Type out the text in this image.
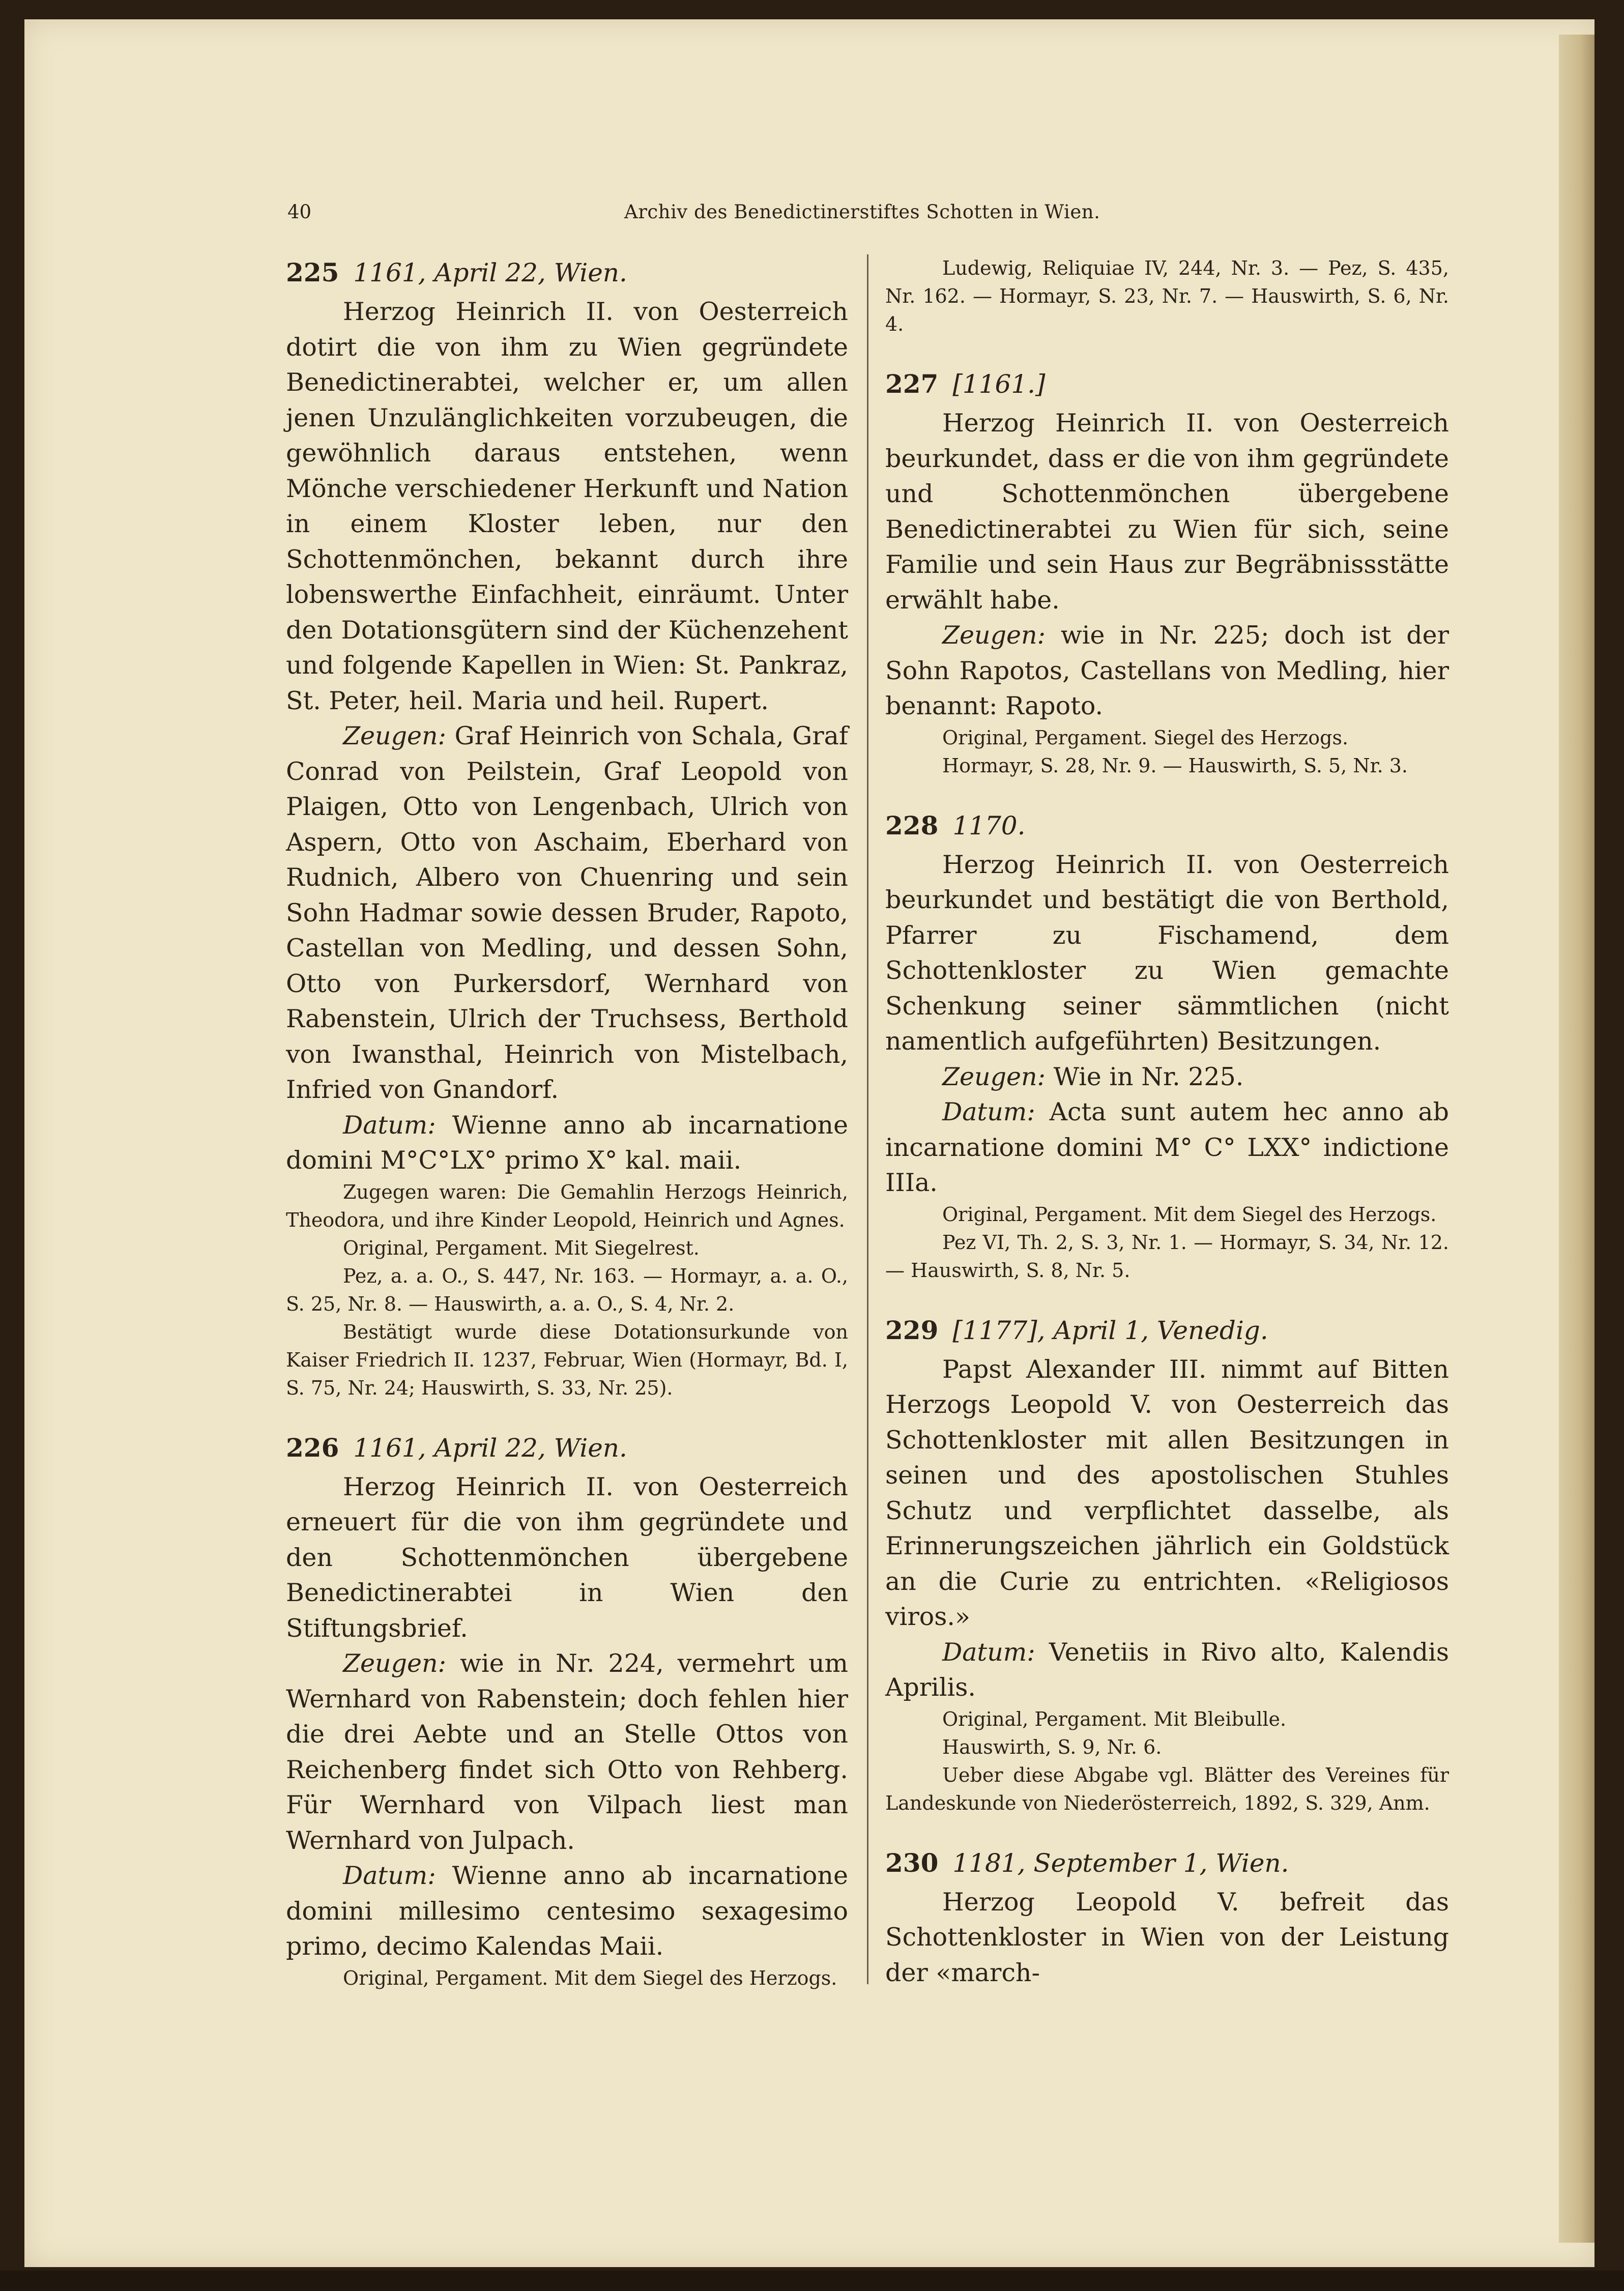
40	Archiv des Benedictinerstiftes Schotten in Wien.
225 1161, April 22, Wien.

Herzog Heinrich II. von Oesterreich dotirt die von ihm zu Wien gegründete Benedictinerabtei, welcher er, um allen jenen Unzulänglichkeiten vorzubeugen, die gewöhnlich daraus entstehen, wenn Mönche verschiedener Herkunft und Nation in einem Kloster leben, nur den Schottenmönchen, bekannt durch ihre lobenswerthe Einfachheit, einräumt. Unter den Dotationsgütern sind der Küchenzehent und folgende Kapellen in Wien: St. Pankraz, St. Peter, heil. Maria und heil. Rupert.

Zeugen: Graf Heinrich von Schala, Graf Conrad von Peilstein, Graf Leopold von Plaigen, Otto von Lengenbach, Ulrich von Aspern, Otto von Aschaim, Eberhard von Rudnich, Albero von Chuenring und sein Sohn Hadmar sowie dessen Bruder, Rapoto, Castellan von Medling, und dessen Sohn, Otto von Purkersdorf, Wernhard von Rabenstein, Ulrich der Truchsess, Berthold von Iwansthal, Heinrich von Mistelbach, Infried von Gnandorf.

Datum: Wienne anno ab incarnatione domini M°C°LX° primo X° kal. maii.

Zugegen waren: Die Gemahlin Herzogs Heinrich, Theodora, und ihre Kinder Leopold, Heinrich und Agnes.

Original, Pergament. Mit Siegelrest.

Pez, a. a. O., S. 447, Nr. 163. — Hormayr, a. a. O., S. 25, Nr. 8. — Hauswirth, a. a. O., S. 4, Nr. 2.

Bestätigt wurde diese Dotationsurkunde von Kaiser Friedrich II. 1237, Februar, Wien (Hormayr, Bd. I, S. 75, Nr. 24; Hauswirth, S. 33, Nr. 25).

226 1161, April 22, Wien.

Herzog Heinrich II. von Oesterreich erneuert für die von ihm gegründete und den Schottenmönchen übergebene Benedictinerabtei in Wien den Stiftungsbrief.

Zeugen: wie in Nr. 224, vermehrt um Wernhard von Rabenstein; doch fehlen hier die drei Aebte und an Stelle Ottos von Reichenberg findet sich Otto von Rehberg. Für Wernhard von Vilpach liest man Wernhard von Julpach.

Datum: Wienne anno ab incarnatione domini millesimo centesimo sexagesimo primo, decimo Kalendas Maii.

Original, Pergament. Mit dem Siegel des Herzogs.

Ludewig, Reliquiae IV, 244, Nr. 3. — Pez, S. 435, Nr. 162. — Hormayr, S. 23, Nr. 7. — Hauswirth, S. 6, Nr. 4.

227 [1161.]

Herzog Heinrich II. von Oesterreich beurkundet, dass er die von ihm gegründete und Schottenmönchen übergebene Benedictinerabtei zu Wien für sich, seine Familie und sein Haus zur Begräbnissstätte erwählt habe.

Zeugen: wie in Nr. 225; doch ist der Sohn Rapotos, Castellans von Medling, hier benannt: Rapoto.

Original, Pergament. Siegel des Herzogs.

Hormayr, S. 28, Nr. 9. — Hauswirth, S. 5, Nr. 3.

228 1170.

Herzog Heinrich II. von Oesterreich beurkundet und bestätigt die von Berthold, Pfarrer zu Fischamend, dem Schottenkloster zu Wien gemachte Schenkung seiner sämmtlichen (nicht namentlich aufgeführten) Besitzungen.

Zeugen: Wie in Nr. 225.

Datum: Acta sunt autem hec anno ab incarnatione domini M° C° LXX° indictione IIIa.

Original, Pergament. Mit dem Siegel des Herzogs.

Pez VI, Th. 2, S. 3, Nr. 1. — Hormayr, S. 34, Nr. 12. — Hauswirth, S. 8, Nr. 5.

229 [1177], April 1, Venedig.

Papst Alexander III. nimmt auf Bitten Herzogs Leopold V. von Oesterreich das Schottenkloster mit allen Besitzungen in seinen und des apostolischen Stuhles Schutz und verpflichtet dasselbe, als Erinnerungszeichen jährlich ein Goldstück an die Curie zu entrichten. «Religiosos viros.»

Datum: Venetiis in Rivo alto, Kalendis Aprilis.

Original, Pergament. Mit Bleibulle.

Hauswirth, S. 9, Nr. 6.

Ueber diese Abgabe vgl. Blätter des Vereines für Landeskunde von Niederösterreich, 1892, S. 329, Anm.

230 1181, September 1, Wien.

Herzog Leopold V. befreit das Schottenkloster in Wien von der Leistung der «march-
